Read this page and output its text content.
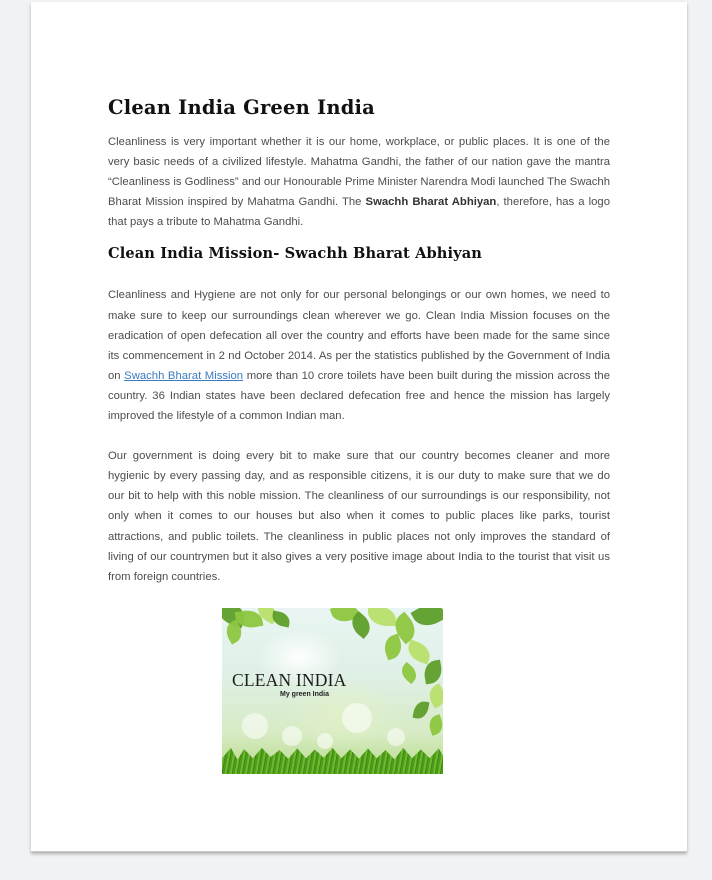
Clean India Green India

Cleanliness is very important whether it is our home, workplace, or public places. It is one of the very basic needs of a civilized lifestyle. Mahatma Gandhi, the father of our nation gave the mantra “Cleanliness is Godliness” and our Honourable Prime Minister Narendra Modi launched The Swachh Bharat Mission inspired by Mahatma Gandhi. The Swachh Bharat Abhiyan, therefore, has a logo that pays a tribute to Mahatma Gandhi.

Clean India Mission- Swachh Bharat Abhiyan

Cleanliness and Hygiene are not only for our personal belongings or our own homes, we need to make sure to keep our surroundings clean wherever we go. Clean India Mission focuses on the eradication of open defecation all over the country and efforts have been made for the same since its commencement in 2 nd October 2014. As per the statistics published by the Government of India on Swachh Bharat Mission more than 10 crore toilets have been built during the mission across the country. 36 Indian states have been declared defecation free and hence the mission has largely improved the lifestyle of a common Indian man.

Our government is doing every bit to make sure that our country becomes cleaner and more hygienic by every passing day, and as responsible citizens, it is our duty to make sure that we do our bit to help with this noble mission. The cleanliness of our surroundings is our responsibility, not only when it comes to our houses but also when it comes to public places like parks, tourist attractions, and public toilets. The cleanliness in public places not only improves the standard of living of our countrymen but it also gives a very positive image about India to the tourist that visit us from foreign countries.

CLEAN INDIA
My green India
